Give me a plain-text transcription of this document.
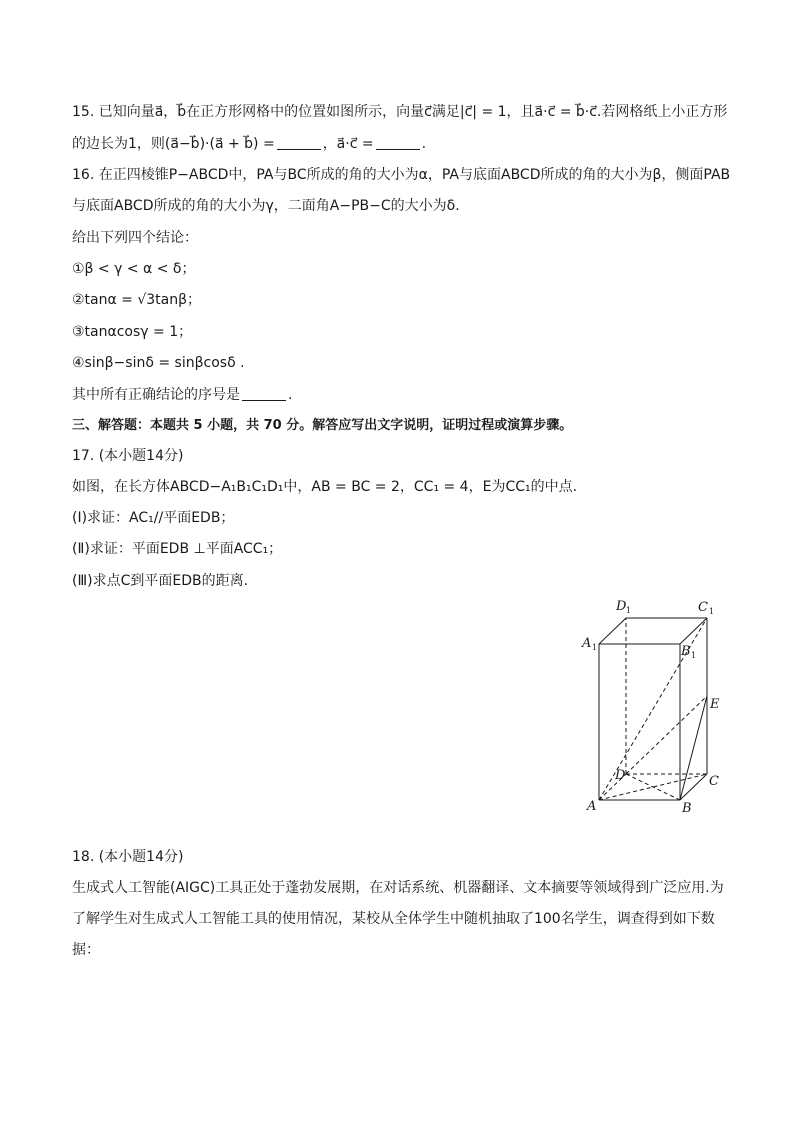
15. 已知向量a⃗，b⃗在正方形网格中的位置如图所示，向量c⃗满足|c⃗| = 1，且a⃗·c⃗ = b⃗·c⃗.若网格纸上小正方形
的边长为1，则(a⃗−b⃗)·(a⃗ + b⃗) =	，a⃗·c⃗ =	.
16. 在正四棱锥P−ABCD中，PA与BC所成的角的大小为α，PA与底面ABCD所成的角的大小为β，侧面PAB
与底面ABCD所成的角的大小为γ，二面角A−PB−C的大小为δ.
给出下列四个结论：
①β < γ < α < δ；
②tanα = √3tanβ；
③tanαcosγ = 1；
④sinβ−sinδ = sinβcosδ .
其中所有正确结论的序号是	.
三、解答题：本题共 5 小题，共 70 分。解答应写出文字说明，证明过程或演算步骤。
17. (本小题14分)
如图，在长方体ABCD−A₁B₁C₁D₁中，AB = BC = 2，CC₁ = 4，E为CC₁的中点.
(Ⅰ)求证：AC₁//平面EDB；
(Ⅱ)求证：平面EDB ⊥平面ACC₁；
(Ⅲ)求点C到平面EDB的距离.
D 1	C 1
A 1	B 1
E
D	C
A	B
18. (本小题14分)
生成式人工智能(AIGC)工具正处于蓬勃发展期，在对话系统、机器翻译、文本摘要等领域得到广泛应用.为
了解学生对生成式人工智能工具的使用情况，某校从全体学生中随机抽取了100名学生，调查得到如下数
据：
